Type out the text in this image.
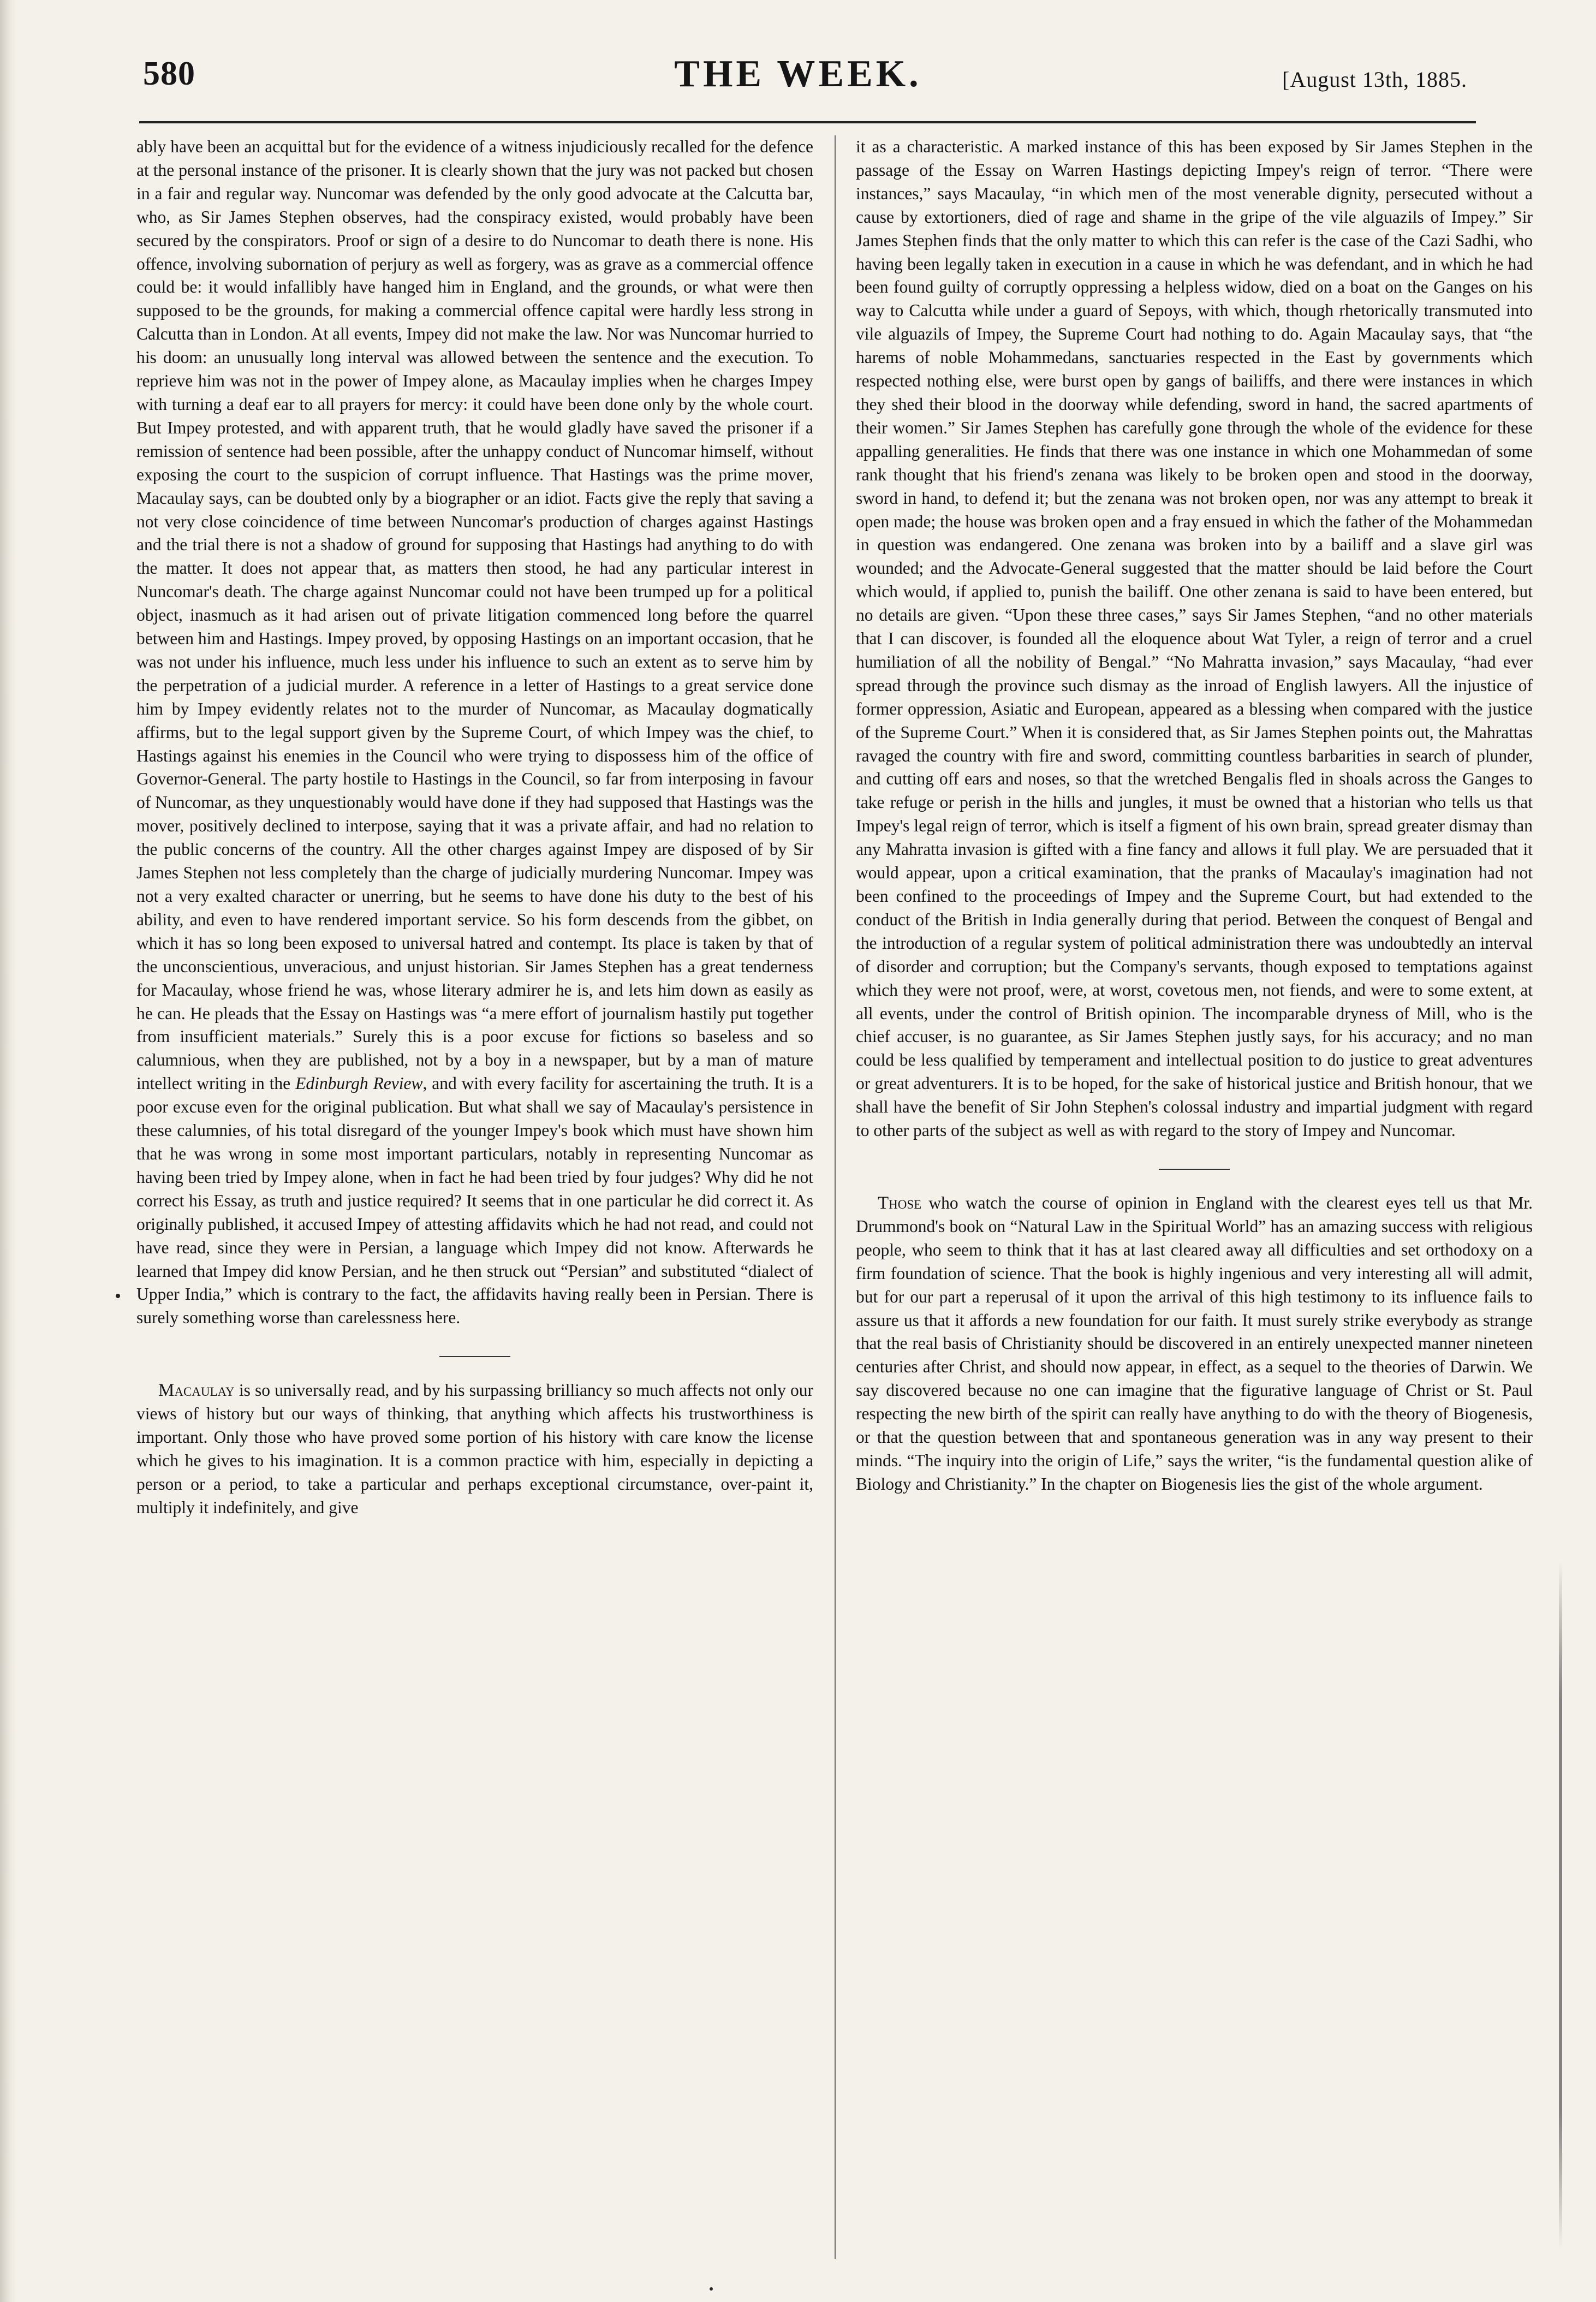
580	THE WEEK.	[August 13th, 1885.

ably have been an acquittal but for the evidence of a witness injudiciously recalled for the defence at the personal instance of the prisoner. It is clearly shown that the jury was not packed but chosen in a fair and regular way. Nuncomar was defended by the only good advocate at the Calcutta bar, who, as Sir James Stephen observes, had the conspiracy existed, would probably have been secured by the conspirators. Proof or sign of a desire to do Nuncomar to death there is none. His offence, involving subornation of perjury as well as forgery, was as grave as a commercial offence could be: it would infallibly have hanged him in England, and the grounds, or what were then supposed to be the grounds, for making a commercial offence capital were hardly less strong in Calcutta than in London. At all events, Impey did not make the law. Nor was Nuncomar hurried to his doom: an unusually long interval was allowed between the sentence and the execution. To reprieve him was not in the power of Impey alone, as Macaulay implies when he charges Impey with turning a deaf ear to all prayers for mercy: it could have been done only by the whole court. But Impey protested, and with apparent truth, that he would gladly have saved the prisoner if a remission of sentence had been possible, after the unhappy conduct of Nuncomar himself, without exposing the court to the suspicion of corrupt influence. That Hastings was the prime mover, Macaulay says, can be doubted only by a biographer or an idiot. Facts give the reply that saving a not very close coincidence of time between Nuncomar's production of charges against Hastings and the trial there is not a shadow of ground for supposing that Hastings had anything to do with the matter. It does not appear that, as matters then stood, he had any particular interest in Nuncomar's death. The charge against Nuncomar could not have been trumped up for a political object, inasmuch as it had arisen out of private litigation commenced long before the quarrel between him and Hastings. Impey proved, by opposing Hastings on an important occasion, that he was not under his influence, much less under his influence to such an extent as to serve him by the perpetration of a judicial murder. A reference in a letter of Hastings to a great service done him by Impey evidently relates not to the murder of Nuncomar, as Macaulay dogmatically affirms, but to the legal support given by the Supreme Court, of which Impey was the chief, to Hastings against his enemies in the Council who were trying to dispossess him of the office of Governor-General. The party hostile to Hastings in the Council, so far from interposing in favour of Nuncomar, as they unquestionably would have done if they had supposed that Hastings was the mover, positively declined to interpose, saying that it was a private affair, and had no relation to the public concerns of the country. All the other charges against Impey are disposed of by Sir James Stephen not less completely than the charge of judicially murdering Nuncomar. Impey was not a very exalted character or unerring, but he seems to have done his duty to the best of his ability, and even to have rendered important service. So his form descends from the gibbet, on which it has so long been exposed to universal hatred and contempt. Its place is taken by that of the unconscientious, unveracious, and unjust historian. Sir James Stephen has a great tenderness for Macaulay, whose friend he was, whose literary admirer he is, and lets him down as easily as he can. He pleads that the Essay on Hastings was “a mere effort of journalism hastily put together from insufficient materials.” Surely this is a poor excuse for fictions so baseless and so calumnious, when they are published, not by a boy in a newspaper, but by a man of mature intellect writing in the Edinburgh Review, and with every facility for ascertaining the truth. It is a poor excuse even for the original publication. But what shall we say of Macaulay's persistence in these calumnies, of his total disregard of the younger Impey's book which must have shown him that he was wrong in some most important particulars, notably in representing Nuncomar as having been tried by Impey alone, when in fact he had been tried by four judges? Why did he not correct his Essay, as truth and justice required? It seems that in one particular he did correct it. As originally published, it accused Impey of attesting affidavits which he had not read, and could not have read, since they were in Persian, a language which Impey did not know. Afterwards he learned that Impey did know Persian, and he then struck out “Persian” and substituted “dialect of Upper India,” which is contrary to the fact, the affidavits having really been in Persian. There is surely something worse than carelessness here.

Macaulay is so universally read, and by his surpassing brilliancy so much affects not only our views of history but our ways of thinking, that anything which affects his trustworthiness is important. Only those who have proved some portion of his history with care know the license which he gives to his imagination. It is a common practice with him, especially in depicting a person or a period, to take a particular and perhaps exceptional circumstance, over-paint it, multiply it indefinitely, and give

it as a characteristic. A marked instance of this has been exposed by Sir James Stephen in the passage of the Essay on Warren Hastings depicting Impey's reign of terror. “There were instances,” says Macaulay, “in which men of the most venerable dignity, persecuted without a cause by extortioners, died of rage and shame in the gripe of the vile alguazils of Impey.” Sir James Stephen finds that the only matter to which this can refer is the case of the Cazi Sadhi, who having been legally taken in execution in a cause in which he was defendant, and in which he had been found guilty of corruptly oppressing a helpless widow, died on a boat on the Ganges on his way to Calcutta while under a guard of Sepoys, with which, though rhetorically transmuted into vile alguazils of Impey, the Supreme Court had nothing to do. Again Macaulay says, that “the harems of noble Mohammedans, sanctuaries respected in the East by governments which respected nothing else, were burst open by gangs of bailiffs, and there were instances in which they shed their blood in the doorway while defending, sword in hand, the sacred apartments of their women.” Sir James Stephen has carefully gone through the whole of the evidence for these appalling generalities. He finds that there was one instance in which one Mohammedan of some rank thought that his friend's zenana was likely to be broken open and stood in the doorway, sword in hand, to defend it; but the zenana was not broken open, nor was any attempt to break it open made; the house was broken open and a fray ensued in which the father of the Mohammedan in question was endangered. One zenana was broken into by a bailiff and a slave girl was wounded; and the Advocate-General suggested that the matter should be laid before the Court which would, if applied to, punish the bailiff. One other zenana is said to have been entered, but no details are given. “Upon these three cases,” says Sir James Stephen, “and no other materials that I can discover, is founded all the eloquence about Wat Tyler, a reign of terror and a cruel humiliation of all the nobility of Bengal.” “No Mahratta invasion,” says Macaulay, “had ever spread through the province such dismay as the inroad of English lawyers. All the injustice of former oppression, Asiatic and European, appeared as a blessing when compared with the justice of the Supreme Court.” When it is considered that, as Sir James Stephen points out, the Mahrattas ravaged the country with fire and sword, committing countless barbarities in search of plunder, and cutting off ears and noses, so that the wretched Bengalis fled in shoals across the Ganges to take refuge or perish in the hills and jungles, it must be owned that a historian who tells us that Impey's legal reign of terror, which is itself a figment of his own brain, spread greater dismay than any Mahratta invasion is gifted with a fine fancy and allows it full play. We are persuaded that it would appear, upon a critical examination, that the pranks of Macaulay's imagination had not been confined to the proceedings of Impey and the Supreme Court, but had extended to the conduct of the British in India generally during that period. Between the conquest of Bengal and the introduction of a regular system of political administration there was undoubtedly an interval of disorder and corruption; but the Company's servants, though exposed to temptations against which they were not proof, were, at worst, covetous men, not fiends, and were to some extent, at all events, under the control of British opinion. The incomparable dryness of Mill, who is the chief accuser, is no guarantee, as Sir James Stephen justly says, for his accuracy; and no man could be less qualified by temperament and intellectual position to do justice to great adventures or great adventurers. It is to be hoped, for the sake of historical justice and British honour, that we shall have the benefit of Sir John Stephen's colossal industry and impartial judgment with regard to other parts of the subject as well as with regard to the story of Impey and Nuncomar.

Those who watch the course of opinion in England with the clearest eyes tell us that Mr. Drummond's book on “Natural Law in the Spiritual World” has an amazing success with religious people, who seem to think that it has at last cleared away all difficulties and set orthodoxy on a firm foundation of science. That the book is highly ingenious and very interesting all will admit, but for our part a reperusal of it upon the arrival of this high testimony to its influence fails to assure us that it affords a new foundation for our faith. It must surely strike everybody as strange that the real basis of Christianity should be discovered in an entirely unexpected manner nineteen centuries after Christ, and should now appear, in effect, as a sequel to the theories of Darwin. We say discovered because no one can imagine that the figurative language of Christ or St. Paul respecting the new birth of the spirit can really have anything to do with the theory of Biogenesis, or that the question between that and spontaneous generation was in any way present to their minds. “The inquiry into the origin of Life,” says the writer, “is the fundamental question alike of Biology and Christianity.” In the chapter on Biogenesis lies the gist of the whole argument.
